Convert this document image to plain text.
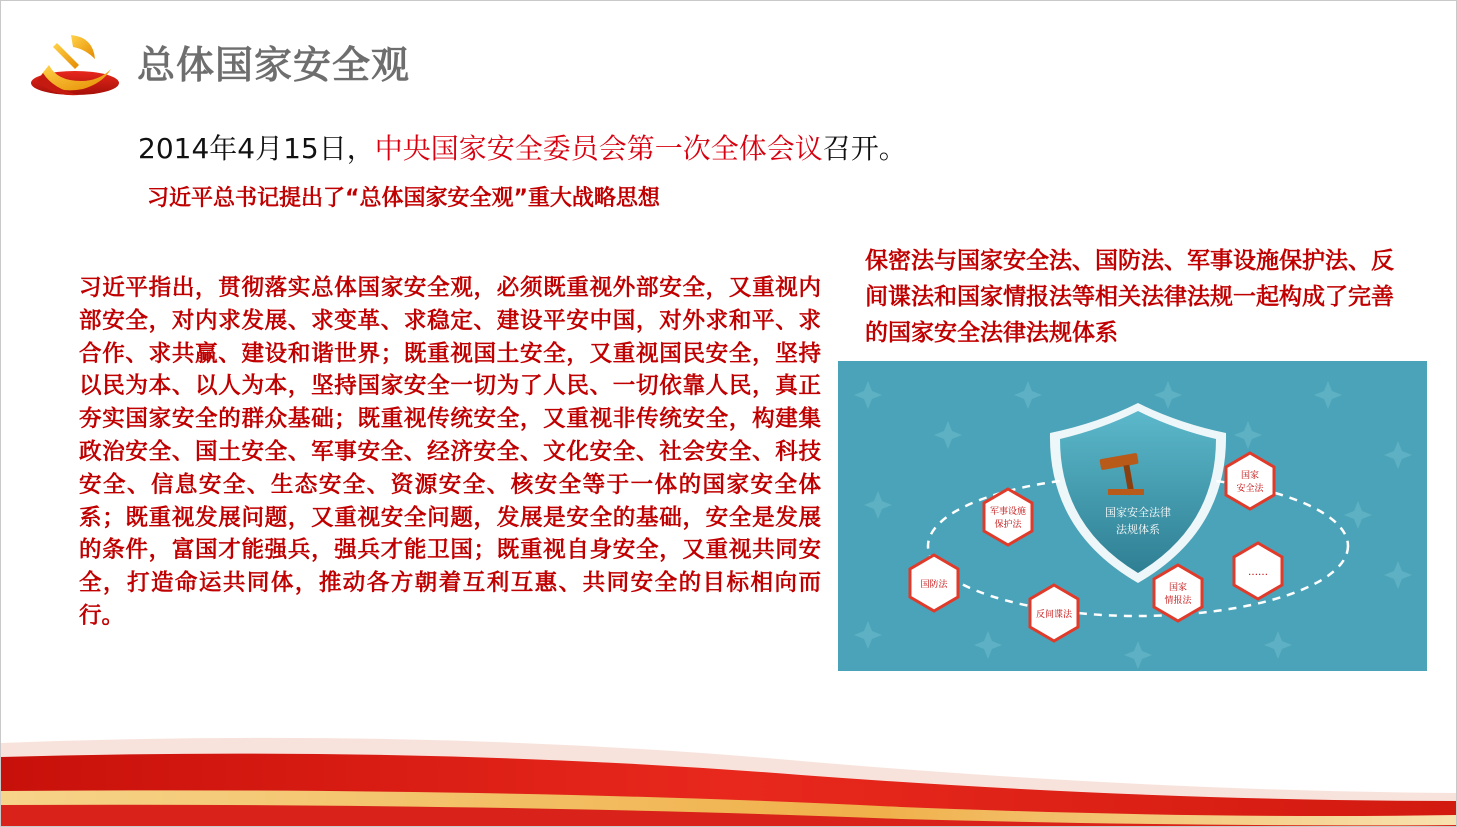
总体国家安全观
2014年4月15日，中央国家安全委员会第一次全体会议召开。
习近平总书记提出了“总体国家安全观”重大战略思想
习近平指出，贯彻落实总体国家安全观，必须既重视外部安全，又重视内部安全，对内求发展、求变革、求稳定、建设平安中国，对外求和平、求合作、求共赢、建设和谐世界；既重视国土安全，又重视国民安全，坚持以民为本、以人为本，坚持国家安全一切为了人民、一切依靠人民，真正夯实国家安全的群众基础；既重视传统安全，又重视非传统安全，构建集政治安全、国土安全、军事安全、经济安全、文化安全、社会安全、科技安全、信息安全、生态安全、资源安全、核安全等于一体的国家安全体系；既重视发展问题，又重视安全问题，发展是安全的基础，安全是发展的条件，富国才能强兵，强兵才能卫国；既重视自身安全，又重视共同安全，打造命运共同体，推动各方朝着互利互惠、共同安全的目标相向而行。
保密法与国家安全法、国防法、军事设施保护法、反间谍法和国家情报法等相关法律法规一起构成了完善的国家安全法律法规体系
国家安全法律
法规体系
军事设施
保护法
国家
安全法
国防法
……
反间谍法
国家
情报法
